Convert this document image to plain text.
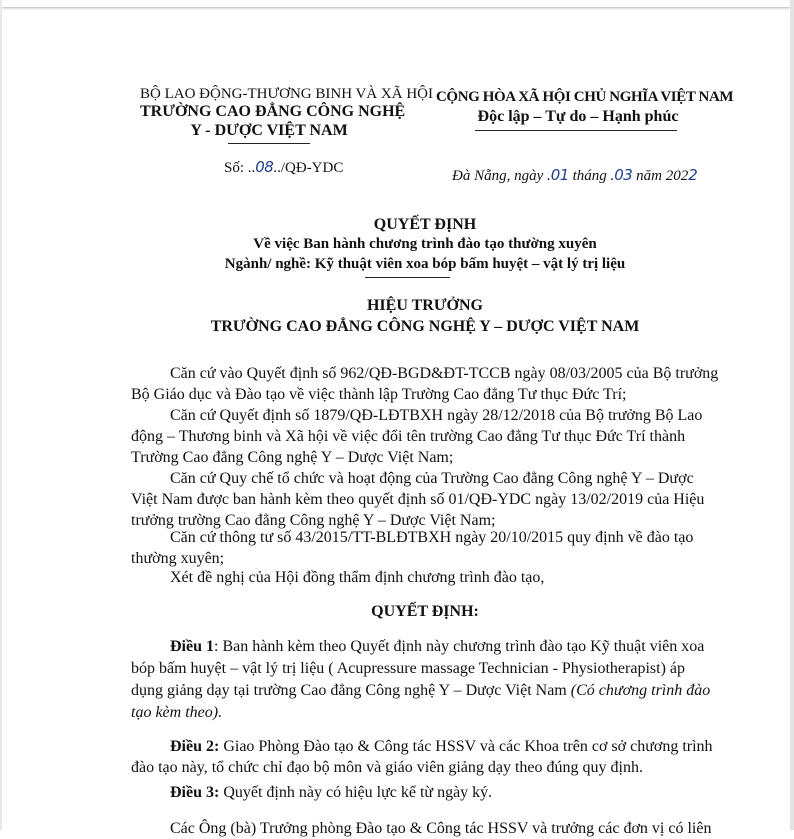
BỘ LAO ĐỘNG-THƯƠNG BINH VÀ XÃ HỘI
TRƯỜNG CAO ĐẲNG CÔNG NGHỆ
Y - DƯỢC VIỆT NAM
Số: ..08../QĐ-YDC
CỘNG HÒA XÃ HỘI CHỦ NGHĨA VIỆT NAM
Độc lập – Tự do – Hạnh phúc
Đà Nẵng, ngày .01 tháng .03 năm 2022
QUYẾT ĐỊNH
Về việc Ban hành chương trình đào tạo thường xuyên
Ngành/ nghề: Kỹ thuật viên xoa bóp bấm huyệt – vật lý trị liệu
HIỆU TRƯỞNG
TRƯỜNG CAO ĐẲNG CÔNG NGHỆ Y – DƯỢC VIỆT NAM
Căn cứ vào Quyết định số 962/QĐ-BGD&ĐT-TCCB ngày 08/03/2005 của Bộ trưởng
Bộ Giáo dục và Đào tạo về việc thành lập Trường Cao đẳng Tư thục Đức Trí;
Căn cứ Quyết định số 1879/QĐ-LĐTBXH ngày 28/12/2018 của Bộ trưởng Bộ Lao
động – Thương binh và Xã hội về việc đổi tên trường Cao đẳng Tư thục Đức Trí thành
Trường Cao đẳng Công nghệ Y – Dược Việt Nam;
Căn cứ Quy chế tổ chức và hoạt động của Trường Cao đẳng Công nghệ Y – Dược
Việt Nam được ban hành kèm theo quyết định số 01/QĐ-YDC ngày 13/02/2019 của Hiệu
trưởng trường Cao đẳng Công nghệ Y – Dược Việt Nam;
Căn cứ thông tư số 43/2015/TT-BLĐTBXH ngày 20/10/2015 quy định về đào tạo
thường xuyên;
Xét đề nghị của Hội đồng thẩm định chương trình đào tạo,
QUYẾT ĐỊNH:
Điều 1: Ban hành kèm theo Quyết định này chương trình đào tạo Kỹ thuật viên xoa
bóp bấm huyệt – vật lý trị liệu ( Acupressure massage Technician - Physiotherapist) áp
dụng giảng dạy tại trường Cao đẳng Công nghệ Y – Dược Việt Nam (Có chương trình đào
tạo kèm theo).
Điều 2: Giao Phòng Đào tạo & Công tác HSSV và các Khoa trên cơ sở chương trình
đào tạo này, tổ chức chỉ đạo bộ môn và giáo viên giảng dạy theo đúng quy định.
Điều 3: Quyết định này có hiệu lực kể từ ngày ký.
Các Ông (bà) Trưởng phòng Đào tạo & Công tác HSSV và trưởng các đơn vị có liên
